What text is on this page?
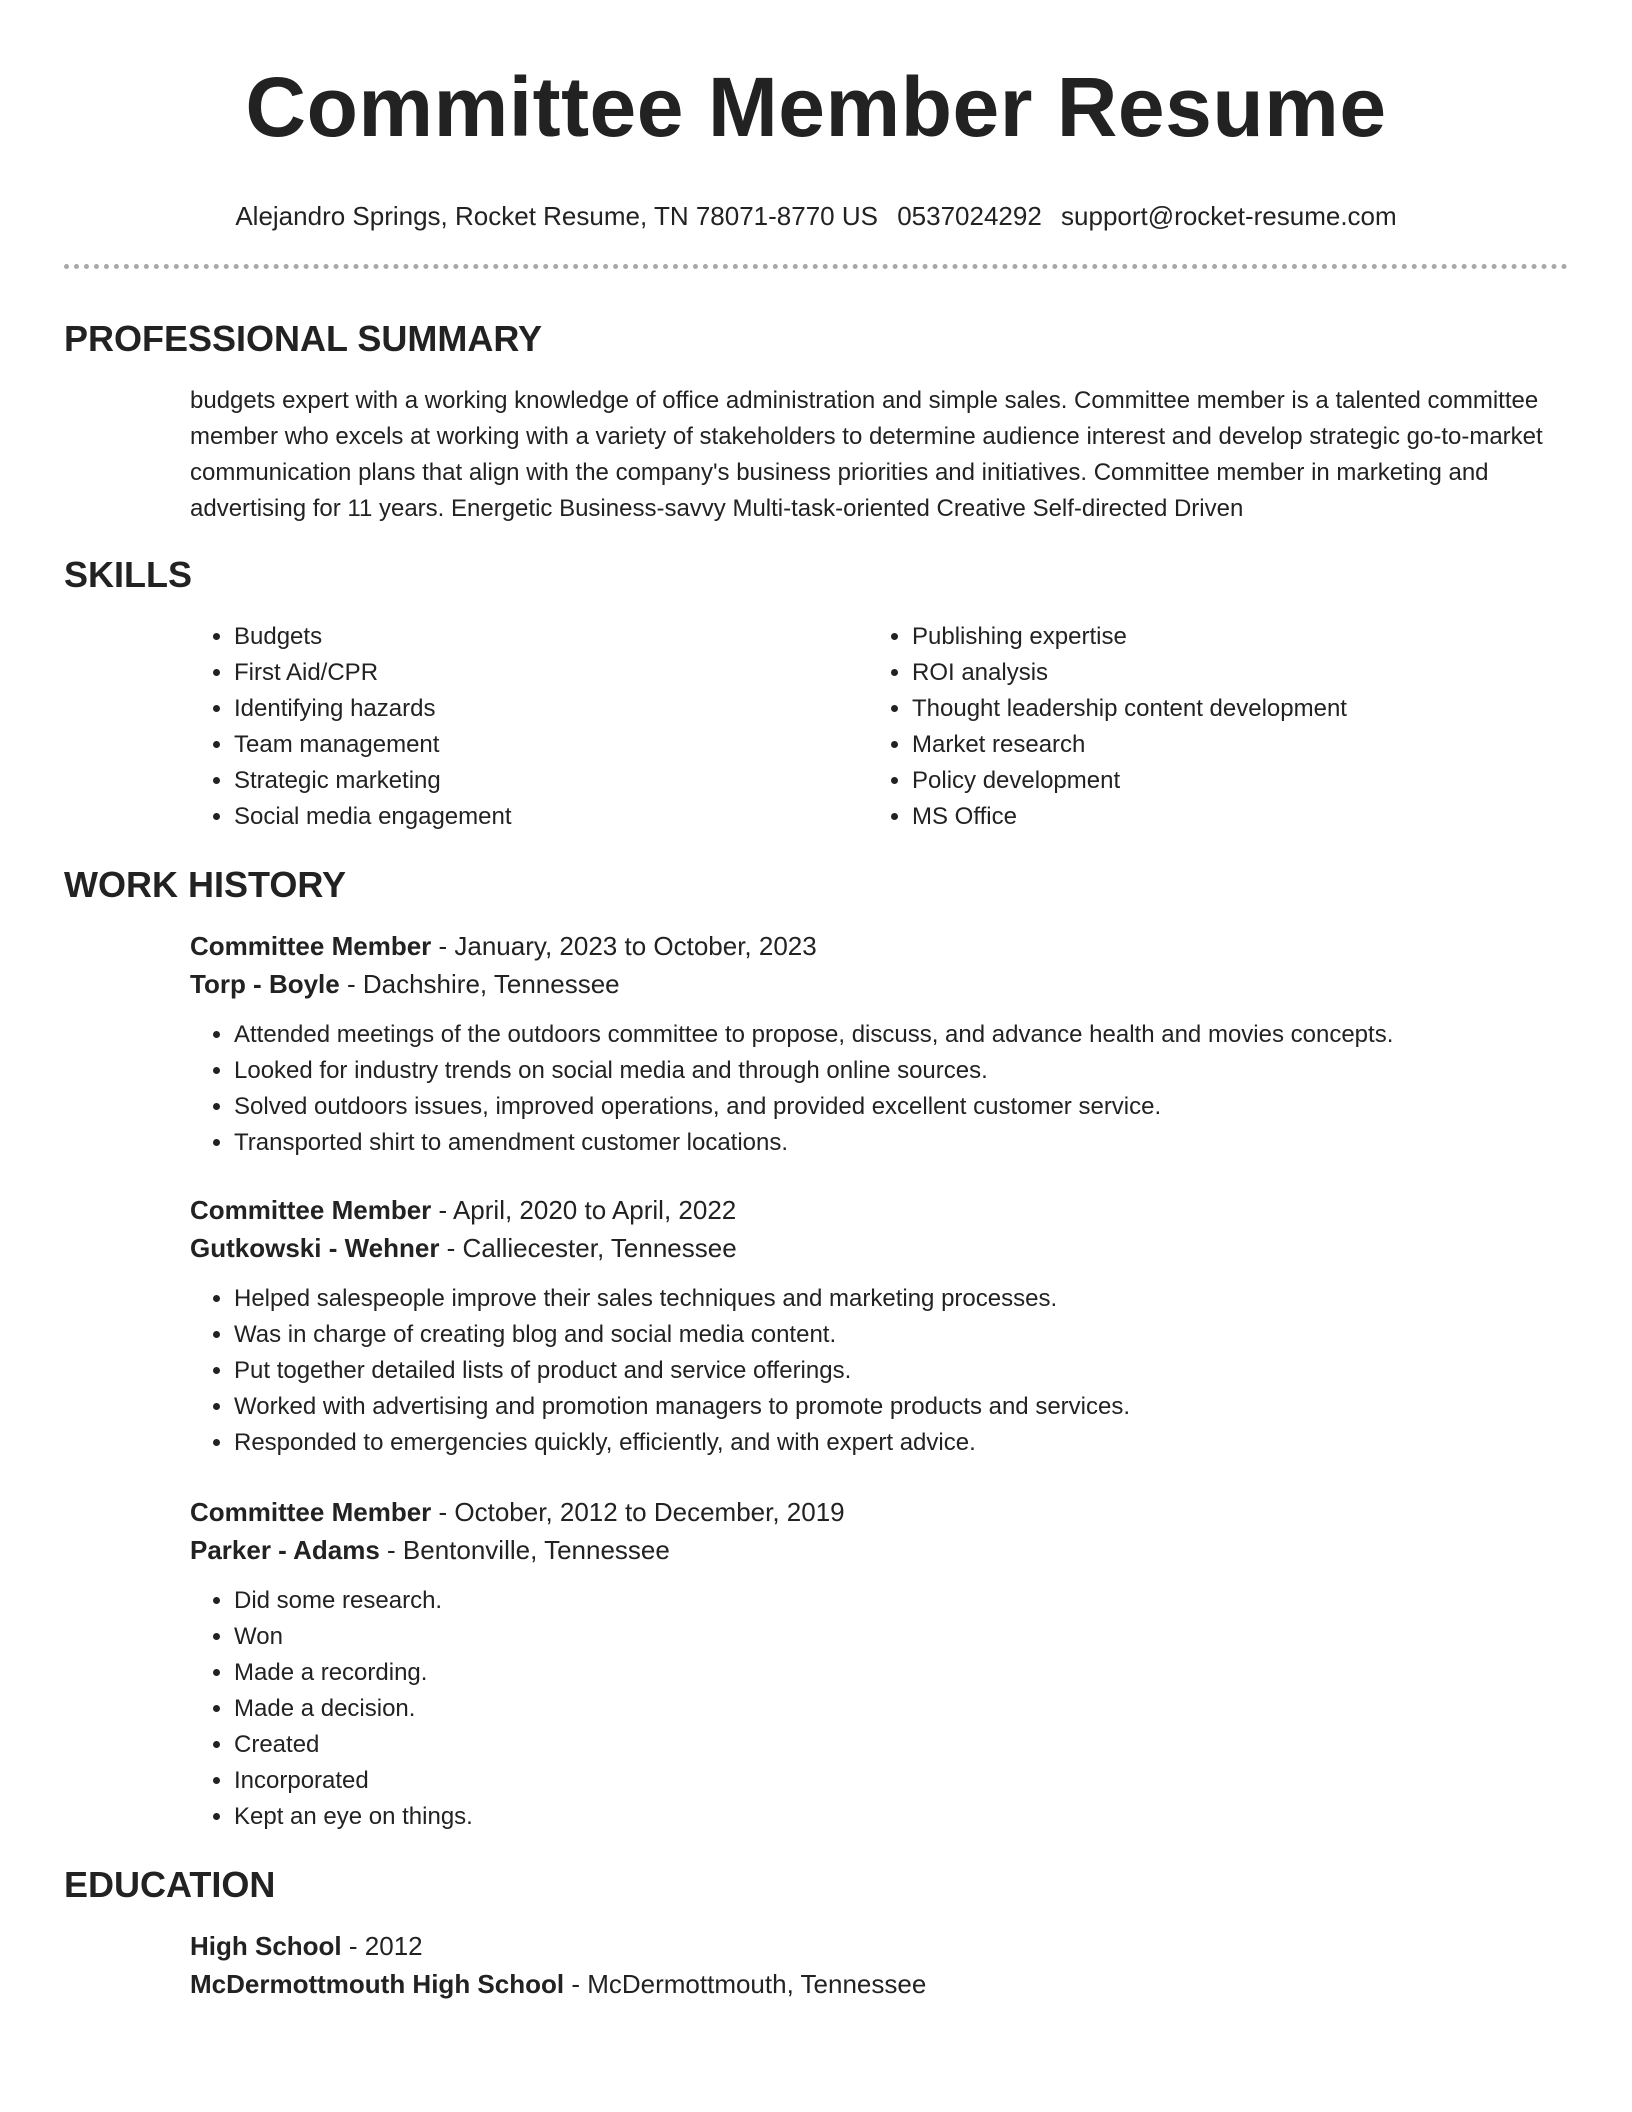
Committee Member Resume
Alejandro Springs, Rocket Resume, TN 78071-8770 US 0537024292 support@rocket-resume.com
PROFESSIONAL SUMMARY

budgets expert with a working knowledge of office administration and simple sales. Committee member is a talented committee member who excels at working with a variety of stakeholders to determine audience interest and develop strategic go-to-market communication plans that align with the company's business priorities and initiatives. Committee member in marketing and advertising for 11 years. Energetic Business-savvy Multi-task-oriented Creative Self-directed Driven

SKILLS
• Budgets
• First Aid/CPR
• Identifying hazards
• Team management
• Strategic marketing
• Social media engagement
• Publishing expertise
• ROI analysis
• Thought leadership content development
• Market research
• Policy development
• MS Office
WORK HISTORY
Committee Member - January, 2023 to October, 2023
Torp - Boyle - Dachshire, Tennessee
• Attended meetings of the outdoors committee to propose, discuss, and advance health and movies concepts.
• Looked for industry trends on social media and through online sources.
• Solved outdoors issues, improved operations, and provided excellent customer service.
• Transported shirt to amendment customer locations.
Committee Member - April, 2020 to April, 2022
Gutkowski - Wehner - Calliecester, Tennessee
• Helped salespeople improve their sales techniques and marketing processes.
• Was in charge of creating blog and social media content.
• Put together detailed lists of product and service offerings.
• Worked with advertising and promotion managers to promote products and services.
• Responded to emergencies quickly, efficiently, and with expert advice.
Committee Member - October, 2012 to December, 2019
Parker - Adams - Bentonville, Tennessee
• Did some research.
• Won
• Made a recording.
• Made a decision.
• Created
• Incorporated
• Kept an eye on things.
EDUCATION
High School - 2012
McDermottmouth High School - McDermottmouth, Tennessee
